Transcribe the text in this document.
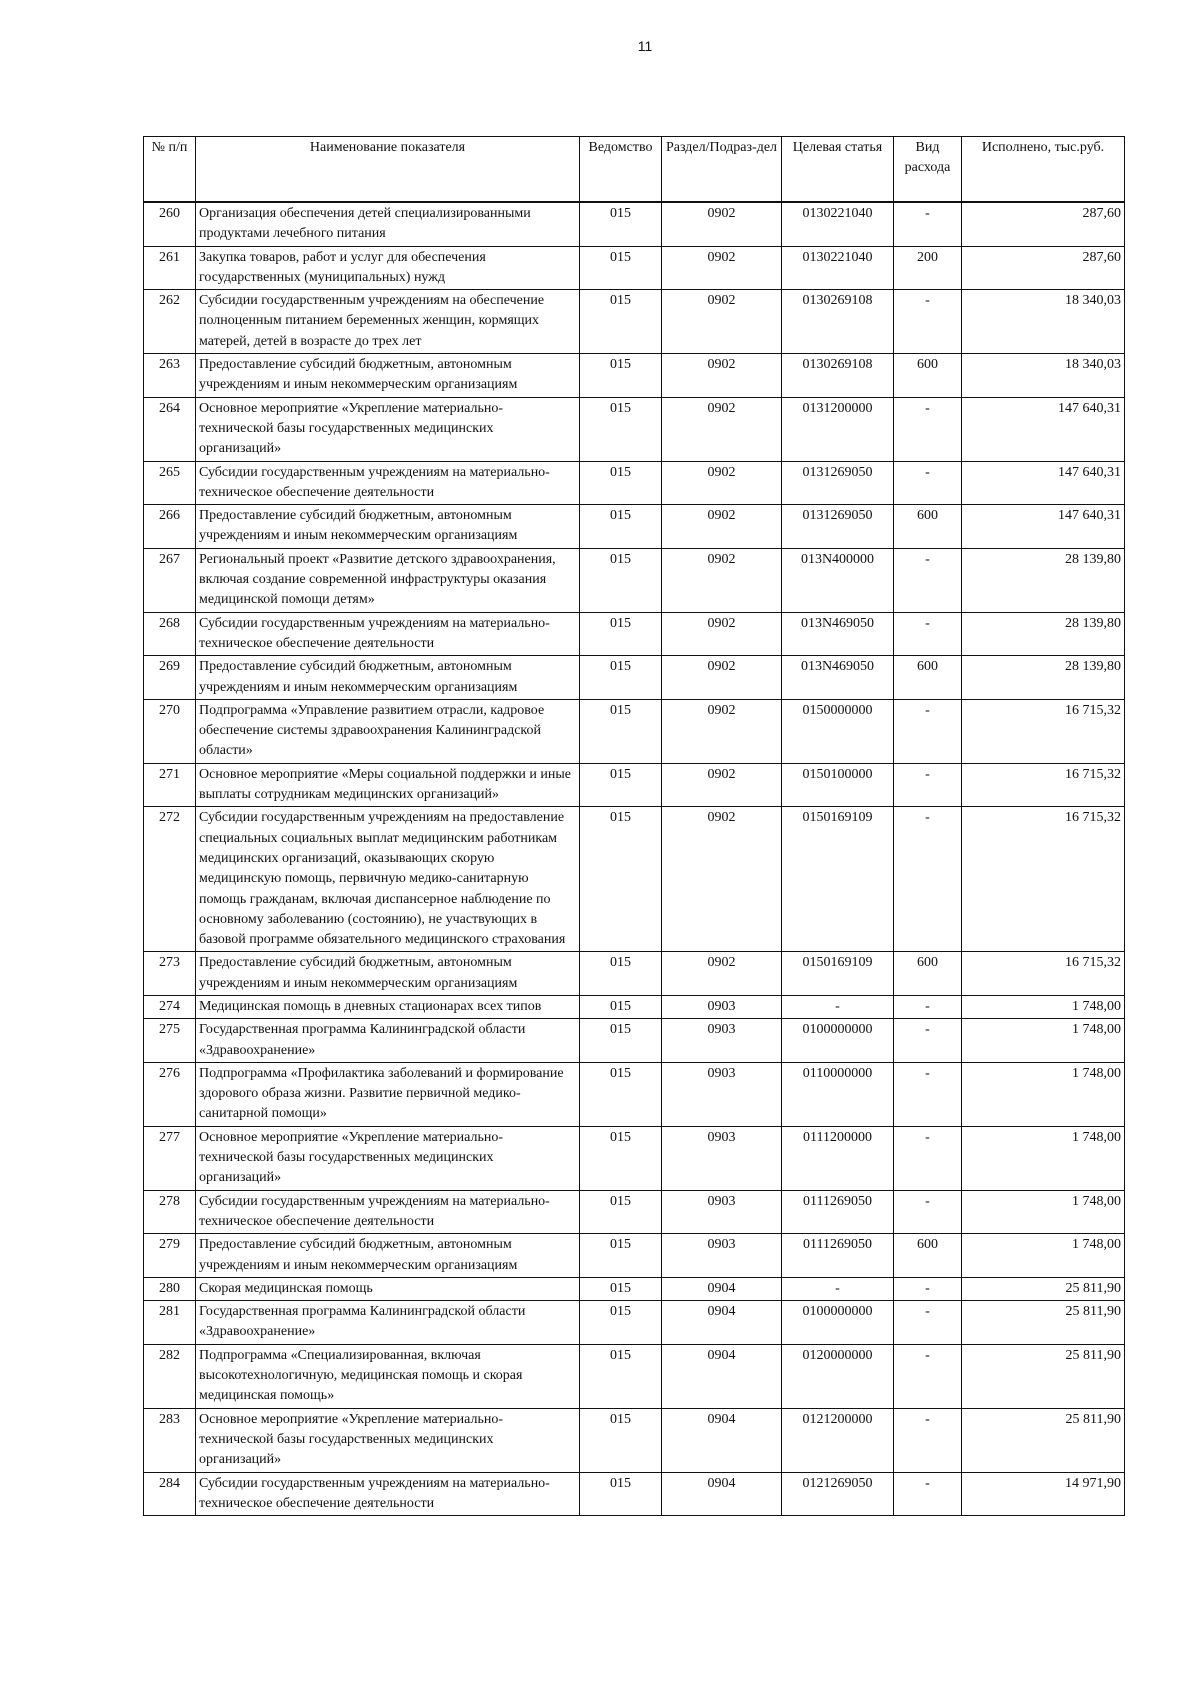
11
№ п/п	Наименование показателя	Ведомство	Раздел/Подраз-дел	Целевая статья	Вид расхода	Исполнено, тыс.руб.

260	Организация обеспечения детей специализированными продуктами лечебного питания	015	0902	0130221040	-	287,60
261	Закупка товаров, работ и услуг для обеспечения государственных (муниципальных) нужд	015	0902	0130221040	200	287,60
262	Субсидии государственным учреждениям на обеспечение полноценным питанием беременных женщин, кормящих матерей, детей в возрасте до трех лет	015	0902	0130269108	-	18 340,03
263	Предоставление субсидий бюджетным, автономным учреждениям и иным некоммерческим организациям	015	0902	0130269108	600	18 340,03
264	Основное мероприятие «Укрепление материально-технической базы государственных медицинских организаций»	015	0902	0131200000	-	147 640,31
265	Субсидии государственным учреждениям на материально-техническое обеспечение деятельности	015	0902	0131269050	-	147 640,31
266	Предоставление субсидий бюджетным, автономным учреждениям и иным некоммерческим организациям	015	0902	0131269050	600	147 640,31
267	Региональный проект «Развитие детского здравоохранения, включая создание современной инфраструктуры оказания медицинской помощи детям»	015	0902	013N400000	-	28 139,80
268	Субсидии государственным учреждениям на материально-техническое обеспечение деятельности	015	0902	013N469050	-	28 139,80
269	Предоставление субсидий бюджетным, автономным учреждениям и иным некоммерческим организациям	015	0902	013N469050	600	28 139,80
270	Подпрограмма «Управление развитием отрасли, кадровое обеспечение системы здравоохранения Калининградской области»	015	0902	0150000000	-	16 715,32
271	Основное мероприятие «Меры социальной поддержки и иные выплаты сотрудникам медицинских организаций»	015	0902	0150100000	-	16 715,32
272	Субсидии государственным учреждениям на предоставление специальных социальных выплат медицинским работникам медицинских организаций, оказывающих скорую медицинскую помощь, первичную медико-санитарную помощь гражданам, включая диспансерное наблюдение по основному заболеванию (состоянию), не участвующих в базовой программе обязательного медицинского страхования	015	0902	0150169109	-	16 715,32
273	Предоставление субсидий бюджетным, автономным учреждениям и иным некоммерческим организациям	015	0902	0150169109	600	16 715,32
274	Медицинская помощь в дневных стационарах всех типов	015	0903	-	-	1 748,00
275	Государственная программа Калининградской области «Здравоохранение»	015	0903	0100000000	-	1 748,00
276	Подпрограмма «Профилактика заболеваний и формирование здорового образа жизни. Развитие первичной медико-санитарной помощи»	015	0903	0110000000	-	1 748,00
277	Основное мероприятие «Укрепление материально-технической базы государственных медицинских организаций»	015	0903	0111200000	-	1 748,00
278	Субсидии государственным учреждениям на материально-техническое обеспечение деятельности	015	0903	0111269050	-	1 748,00
279	Предоставление субсидий бюджетным, автономным учреждениям и иным некоммерческим организациям	015	0903	0111269050	600	1 748,00
280	Скорая медицинская помощь	015	0904	-	-	25 811,90
281	Государственная программа Калининградской области «Здравоохранение»	015	0904	0100000000	-	25 811,90
282	Подпрограмма «Специализированная, включая высокотехнологичную, медицинская помощь и скорая медицинская помощь»	015	0904	0120000000	-	25 811,90
283	Основное мероприятие «Укрепление материально-технической базы государственных медицинских организаций»	015	0904	0121200000	-	25 811,90
284	Субсидии государственным учреждениям на материально-техническое обеспечение деятельности	015	0904	0121269050	-	14 971,90
